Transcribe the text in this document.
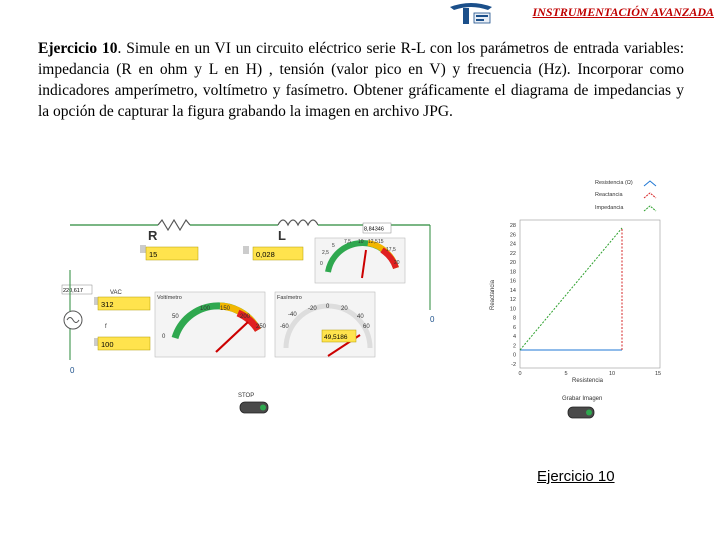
INSTRUMENTACIÓN AVANZADA
Ejercicio 10. Simule en un VI un circuito eléctrico serie R-L con los parámetros de entrada variables: impedancia (R en ohm y L en H) , tensión (valor pico en V) y frecuencia (Hz). Incorporar como indicadores amperímetro, voltímetro y fasímetro. Obtener gráficamente el diagrama de impedancias y la opción de capturar la figura grabando la imagen en archivo JPG.
R	L
15	0,028
8,84346
0
2,5
5
7,5 10 12,5 15
17,5
20
220,617
0
VAC
312
f
100
Voltímetro
0
50
100 150
200
250
Fasímetro
-60
-40
-20 0 20
40
60
49,5186
0
STOP
Resistencia (Ω)
Reactancia
Impedancia
28
26
24
22
20
18
16
14
12
10
8
6
4
2
0
-2
0	5	10	15
Reactancia
Resistencia
Grabar Imagen
Ejercicio 10
